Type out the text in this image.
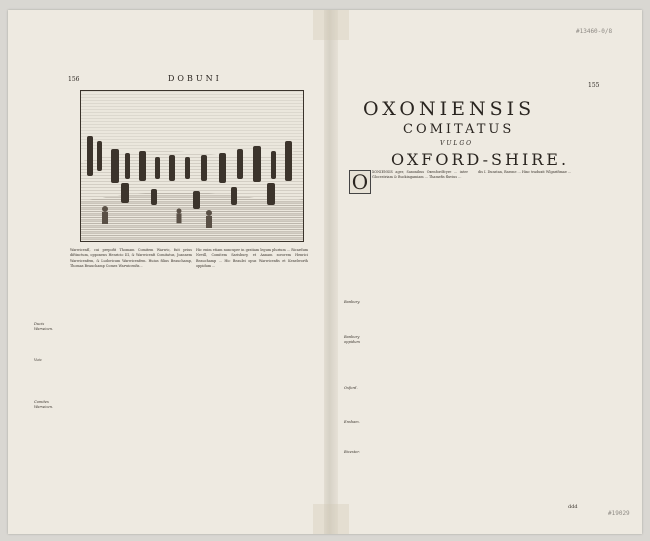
156	DOBUNI

WarwicenfI, cui prepofit Thomam Comitem Warwic, fuit prius diftinctum, opponens Henricio III, & Warwicenfi Comitatus, Joannem Warwicenfem, & Ludovicum Warwicenfem. Huius filius Beauchamp, Thomas Beauchamp Comes Warwicenfis...

Hic enim etiam nuncuper in gratiam legum plurium ... Ricardum Nevill, Comitem Sarisbury, et Annam sororem Henrici Beauchamp ... Hic Beaulei opus Warwicenfis et Kenelworth oppidum ...

Ducis Warwicen.
Vuic
Comites Warwicen.
155
OXONIENSIS
COMITATUS
VULGO
OXFORD-SHIRE.
O	XONIENSIS ager, Saxonibus Oxenfordfcyre ... inter Glocestriam & Buckingamiam ... Thamefis fluvius ...

dis I. Dunstan, Barone ... Hinc traduxit Wlgarifimae ...

Banbury.
Banbury oppidum
Oxford.
Ensham.
Bicester.
ddd
#13460-0/8
#19029
